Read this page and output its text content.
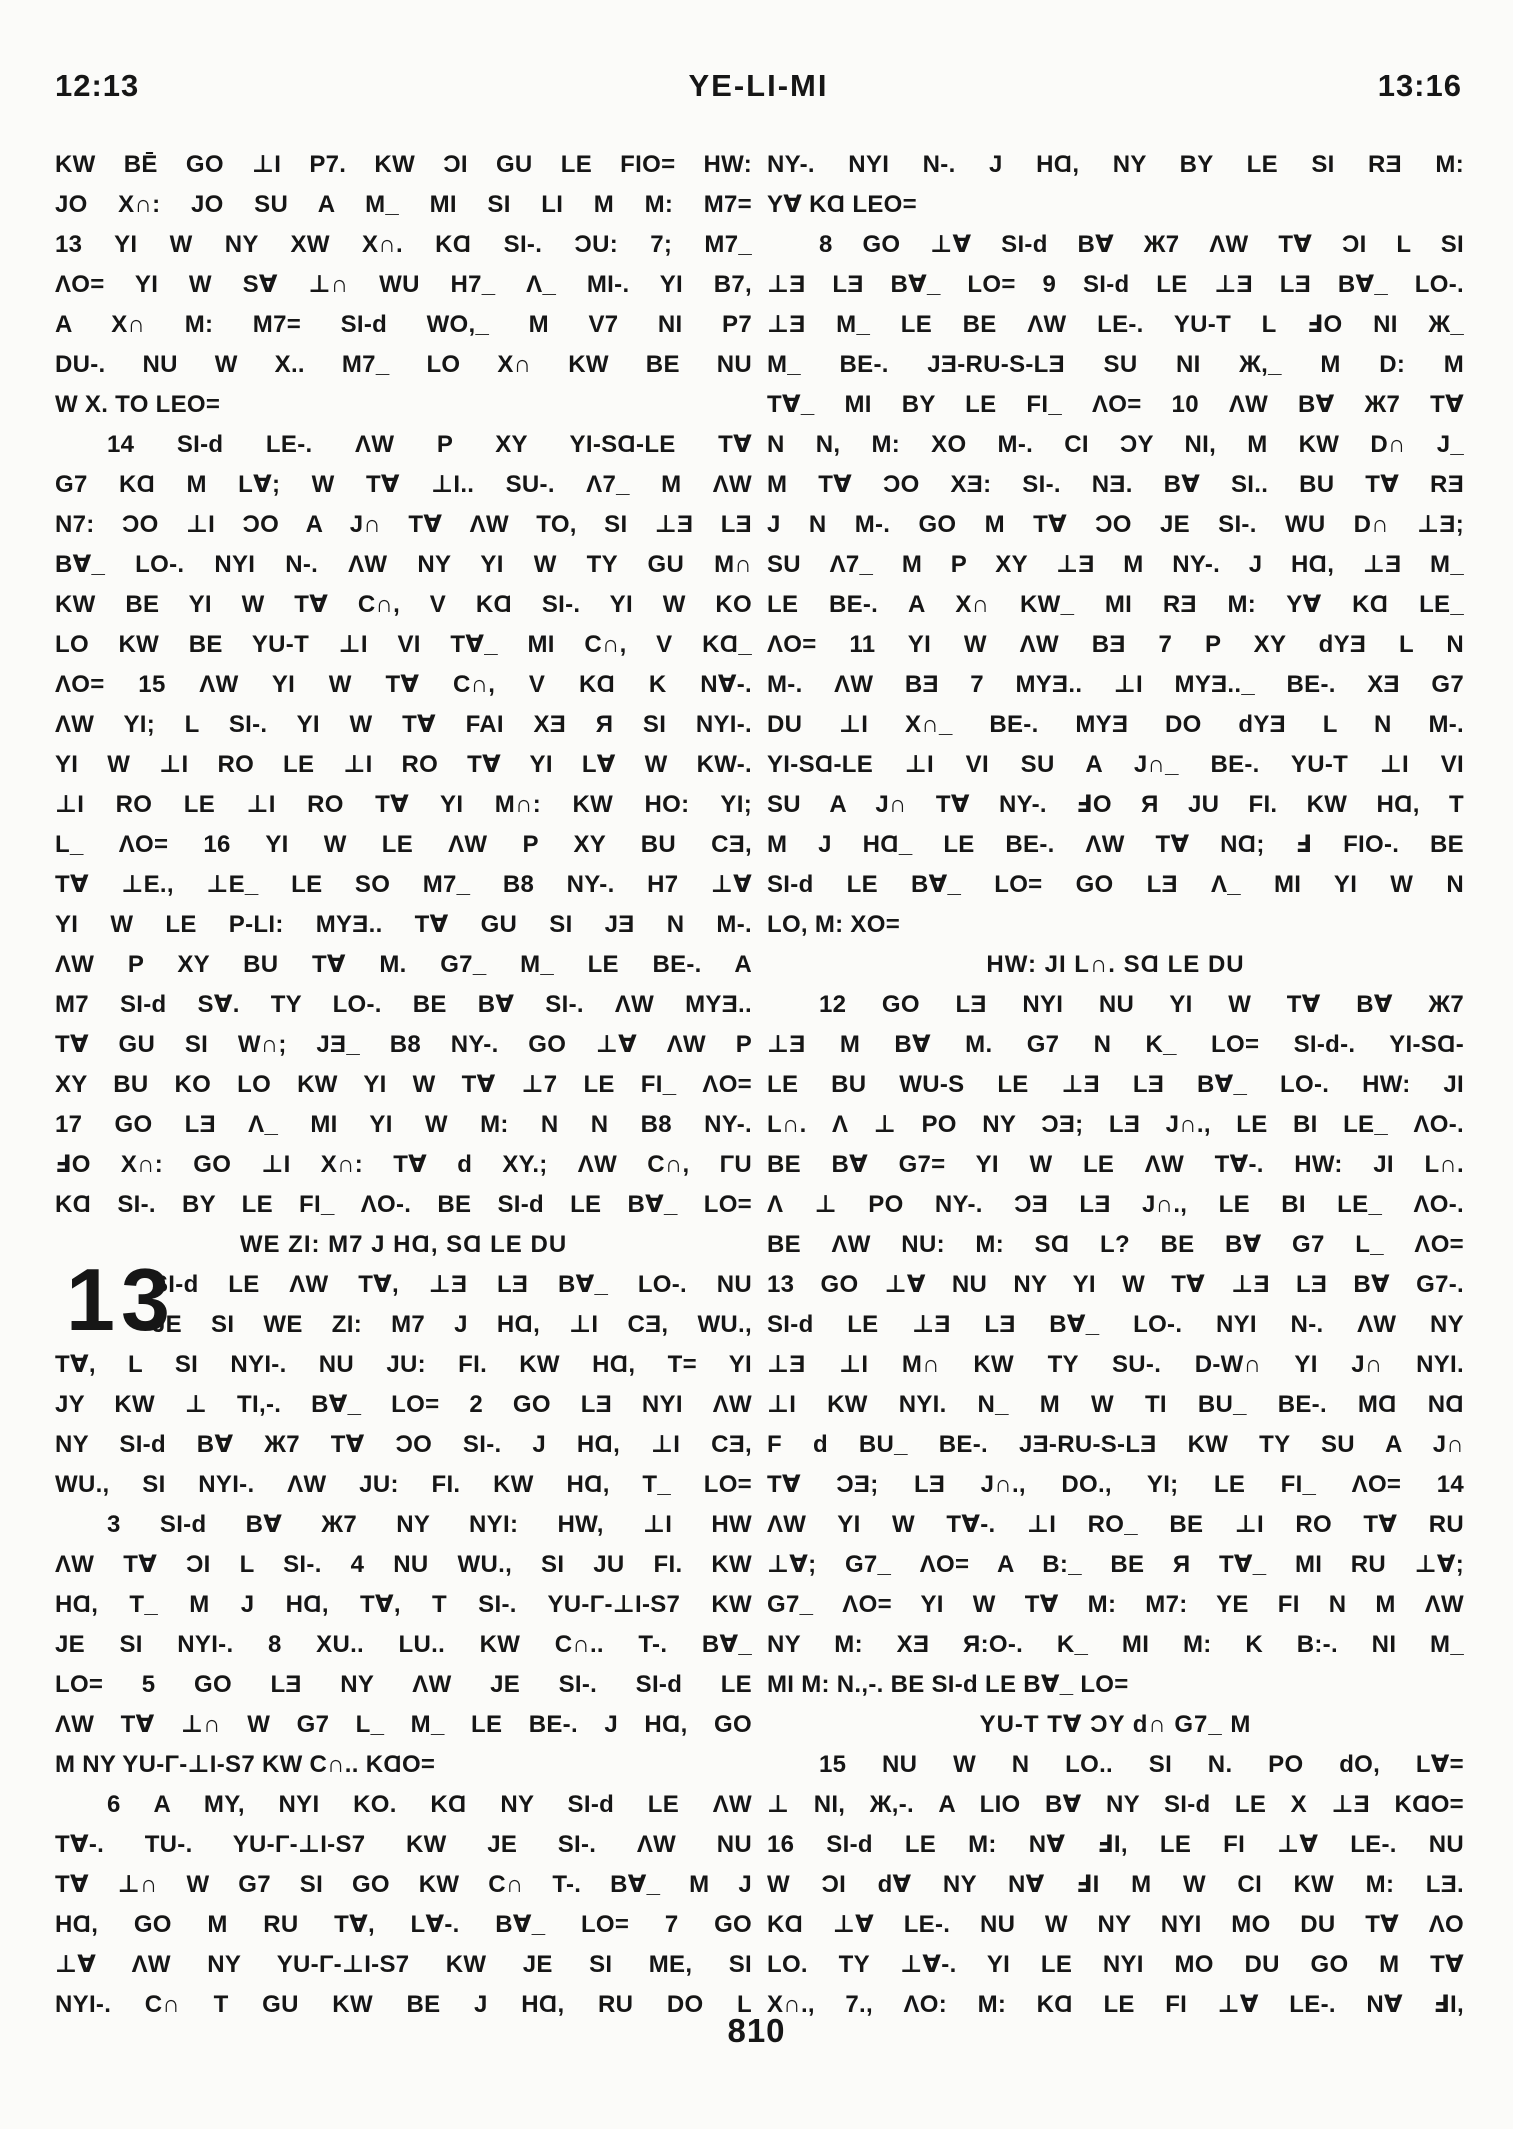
12:13	YE-LI-MI	13:16
KW BĒ GO ⊥I P7. KW ƆI GU LE FIO= HW:
JO X∩: JO SU A M_ MI SI LI M M: M7=
13 YI W NY XW X∩. KⱭ SI-. ƆU: 7; M7_
ΛO= YI W S∀ ⊥∩ WU H7_ Λ_ MI-. YI B7,
A X∩ M: M7= SI-d WO,_ M V7 NI P7
DU-. NU W X.. M7_ LO X∩ KW BE NU
W X. TO LEO=
14 SI-d LE-. ΛW P XY YI-SⱭ-LE T∀
G7 KⱭ M L∀; W T∀ ⊥I.. SU-. Λ7_ M ΛW
N7: ƆO ⊥I ƆO A J∩ T∀ ΛW TO, SI ⊥Ǝ LƎ
B∀_ LO-. NYI N-. ΛW NY YI W TY GU M∩
KW BE YI W T∀ C∩, V KⱭ SI-. YI W KO
LO KW BE YU-T ⊥I VI T∀_ MI C∩, V KⱭ_
ΛO= 15 ΛW YI W T∀ C∩, V KⱭ K N∀-.
ΛW YI; L SI-. YI W T∀ FAI XƎ Я SI NYI-.
YI W ⊥I RO LE ⊥I RO T∀ YI L∀ W KW-.
⊥I RO LE ⊥I RO T∀ YI M∩: KW HO: YI;
L_ ΛO= 16 YI W LE ΛW P XY BU CƎ,
T∀ ⊥E., ⊥E_ LE SO M7_ B8 NY-. H7 ⊥∀
YI W LE P-LI: MYƎ.. T∀ GU SI JƎ N M-.
ΛW P XY BU T∀ M. G7_ M_ LE BE-. A
M7 SI-d S∀. TY LO-. BE B∀ SI-. ΛW MYƎ..
T∀ GU SI W∩; JƎ_ B8 NY-. GO ⊥∀ ΛW P
XY BU KO LO KW YI W T∀ ⊥7 LE FI_ ΛO=
17 GO LƎ Λ_ MI YI W M: N N B8 NY-.
ℲO X∩: GO ⊥I X∩: T∀ d XY.; ΛW C∩, ΓU
KⱭ SI-. BY LE FI_ ΛO-. BE SI-d LE B∀_ LO=
WE ZI: M7 J HⱭ, SⱭ LE DU
SI-d LE ΛW T∀, ⊥Ǝ LƎ B∀_ LO-. NU
JE SI WE ZI: M7 J HⱭ, ⊥I CƎ, WU.,
T∀, L SI NYI-. NU JU: FI. KW HⱭ, T= YI
JY KW ⊥ TI,-. B∀_ LO= 2 GO LƎ NYI ΛW
NY SI-d B∀ Ж7 T∀ ƆO SI-. J HⱭ, ⊥I CƎ,
WU., SI NYI-. ΛW JU: FI. KW HⱭ, T_ LO=
3 SI-d B∀ Ж7 NY NYI: HW, ⊥I HW
ΛW T∀ ƆI L SI-. 4 NU WU., SI JU FI. KW
HⱭ, T_ M J HⱭ, T∀, T SI-. YU-Γ-⊥I-S7 KW
JE SI NYI-. 8 XU.. LU.. KW C∩.. T-. B∀_
LO= 5 GO LƎ NY ΛW JE SI-. SI-d LE
ΛW T∀ ⊥∩ W G7 L_ M_ LE BE-. J HⱭ, GO
M NY YU-Γ-⊥I-S7 KW C∩.. KⱭO=
6 A MY, NYI KO. KⱭ NY SI-d LE ΛW
T∀-. TU-. YU-Γ-⊥I-S7 KW JE SI-. ΛW NU
T∀ ⊥∩ W G7 SI GO KW C∩ T-. B∀_ M J
HⱭ, GO M RU T∀, L∀-. B∀_ LO= 7 GO
⊥∀ ΛW NY YU-Γ-⊥I-S7 KW JE SI ME, SI
NYI-. C∩ T GU KW BE J HⱭ, RU DO L
NY-. NYI N-. J HⱭ, NY BY LE SI RƎ M:
Y∀ KⱭ LEO=
8 GO ⊥∀ SI-d B∀ Ж7 ΛW T∀ ƆI L SI
⊥Ǝ LƎ B∀_ LO= 9 SI-d LE ⊥Ǝ LƎ B∀_ LO-.
⊥Ǝ M_ LE BE ΛW LE-. YU-T L ℲO NI Ж_
M_ BE-. JƎ-RU-S-LƎ SU NI Ж,_ M D: M
T∀_ MI BY LE FI_ ΛO= 10 ΛW B∀ Ж7 T∀
N N, M: XO M-. CI ƆY NI, M KW D∩ J_
M T∀ ƆO XƎ: SI-. NƎ. B∀ SI.. BU T∀ RƎ
J N M-. GO M T∀ ƆO JE SI-. WU D∩ ⊥Ǝ;
SU Λ7_ M P XY ⊥Ǝ M NY-. J HⱭ, ⊥Ǝ M_
LE BE-. A X∩ KW_ MI RƎ M: Y∀ KⱭ LE_
ΛO= 11 YI W ΛW BƎ 7 P XY dYƎ L N
M-. ΛW BƎ 7 MYƎ.. ⊥I MYƎ.._ BE-. XƎ G7
DU ⊥I X∩_ BE-. MYƎ DO dYƎ L N M-.
YI-SⱭ-LE ⊥I VI SU A J∩_ BE-. YU-T ⊥I VI
SU A J∩ T∀ NY-. ℲO Я JU FI. KW HⱭ, T
M J HⱭ_ LE BE-. ΛW T∀ NⱭ; Ⅎ FIO-. BE
SI-d LE B∀_ LO= GO LƎ Λ_ MI YI W N
LO, M: XO=
HW: JI L∩. SⱭ LE DU
12 GO LƎ NYI NU YI W T∀ B∀ Ж7
⊥Ǝ M B∀ M. G7 N K_ LO= SI-d-. YI-SⱭ-
LE BU WU-S LE ⊥Ǝ LƎ B∀_ LO-. HW: JI
L∩. Λ ⊥ PO NY ƆƎ; LƎ J∩., LE BI LE_ ΛO-.
BE B∀ G7= YI W LE ΛW T∀-. HW: JI L∩.
Λ ⊥ PO NY-. ƆƎ LƎ J∩., LE BI LE_ ΛO-.
BE ΛW NU: M: SⱭ L? BE B∀ G7 L_ ΛO=
13 GO ⊥∀ NU NY YI W T∀ ⊥Ǝ LƎ B∀ G7-.
SI-d LE ⊥Ǝ LƎ B∀_ LO-. NYI N-. ΛW NY
⊥Ǝ ⊥I M∩ KW TY SU-. D-W∩ YI J∩ NYI.
⊥I KW NYI. N_ M W TI BU_ BE-. MⱭ NⱭ
F d BU_ BE-. JƎ-RU-S-LƎ KW TY SU A J∩
T∀ ƆƎ; LƎ J∩., DO., YI; LE FI_ ΛO= 14
ΛW YI W T∀-. ⊥I RO_ BE ⊥I RO T∀ RU
⊥∀; G7_ ΛO= A B:_ BE Я T∀_ MI RU ⊥∀;
G7_ ΛO= YI W T∀ M: M7: YE FI N M ΛW
NY M: XƎ Я:O-. K_ MI M: K B:-. NI M_
MI M: N.,-. BE SI-d LE B∀_ LO=
YU-T T∀ ƆY d∩ G7_ M
15 NU W N LO.. SI N. PO dO, L∀=
⊥ NI, Ж,-. A LIO B∀ NY SI-d LE X ⊥Ǝ KⱭO=
16 SI-d LE M: N∀ ℲI, LE FI ⊥∀ LE-. NU
W ƆI d∀ NY N∀ ℲI M W CI KW M: LƎ.
KⱭ ⊥∀ LE-. NU W NY NYI MO DU T∀ ΛO
LO. TY ⊥∀-. YI LE NYI MO DU GO M T∀
X∩., 7., ΛO: M: KⱭ LE FI ⊥∀ LE-. N∀ ℲI,
13
810
